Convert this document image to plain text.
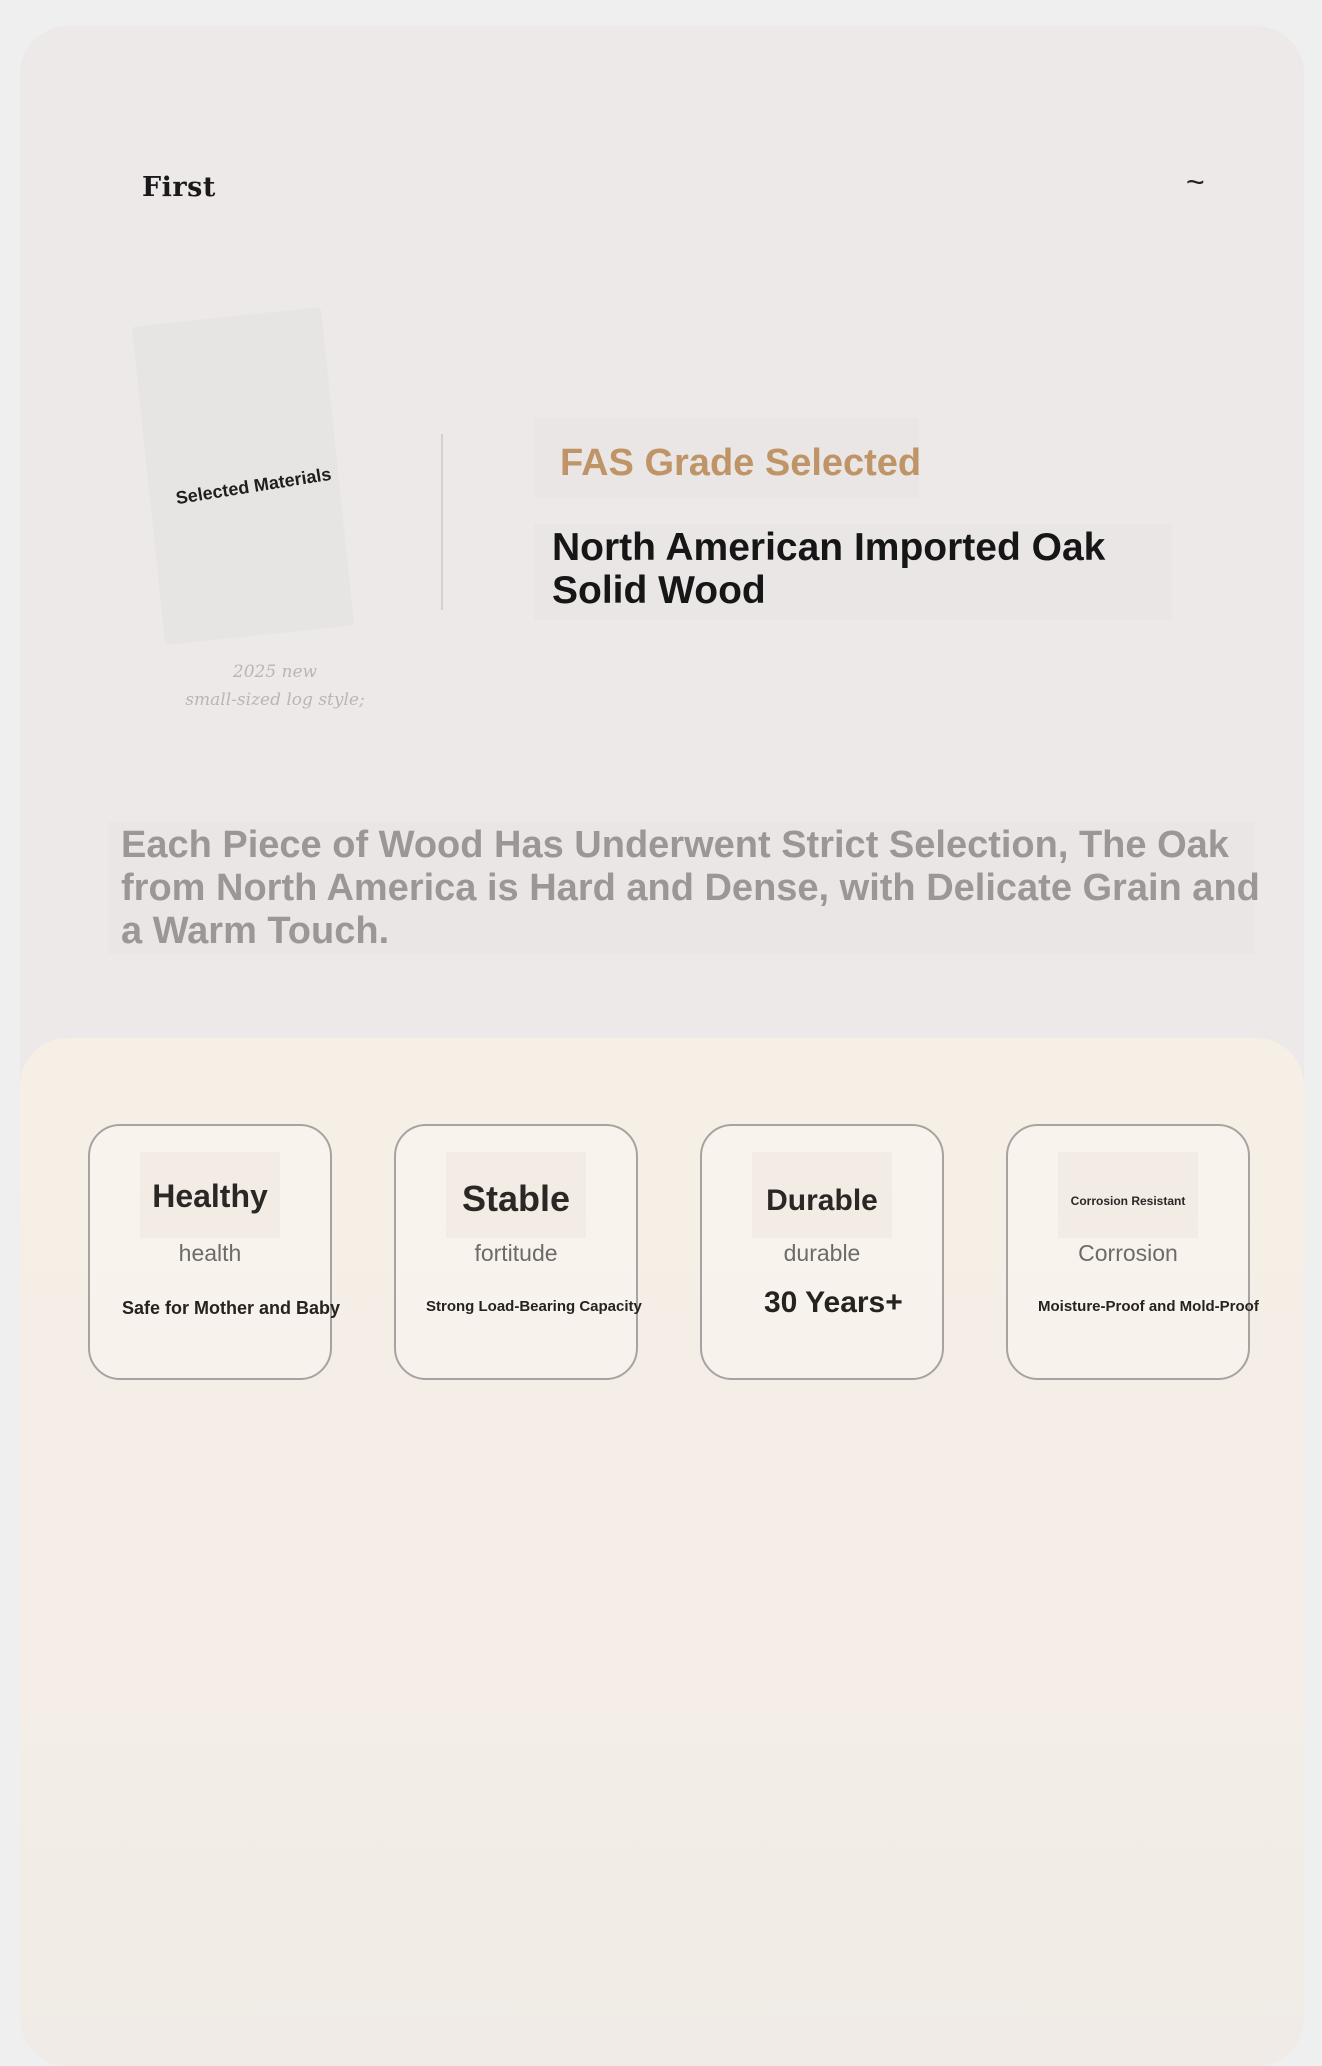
First	~
Selected Materials
2025 new
small-sized log style;
FAS Grade Selected
North American Imported Oak Solid Wood
Each Piece of Wood Has Underwent Strict Selection, The Oak from North America is Hard and Dense, with Delicate Grain and a Warm Touch.
Healthy
health
Safe for Mother and Baby
Stable
fortitude
Strong Load-Bearing Capacity
Durable
durable
30 Years+
Corrosion Resistant
Corrosion
Moisture-Proof and Mold-Proof
